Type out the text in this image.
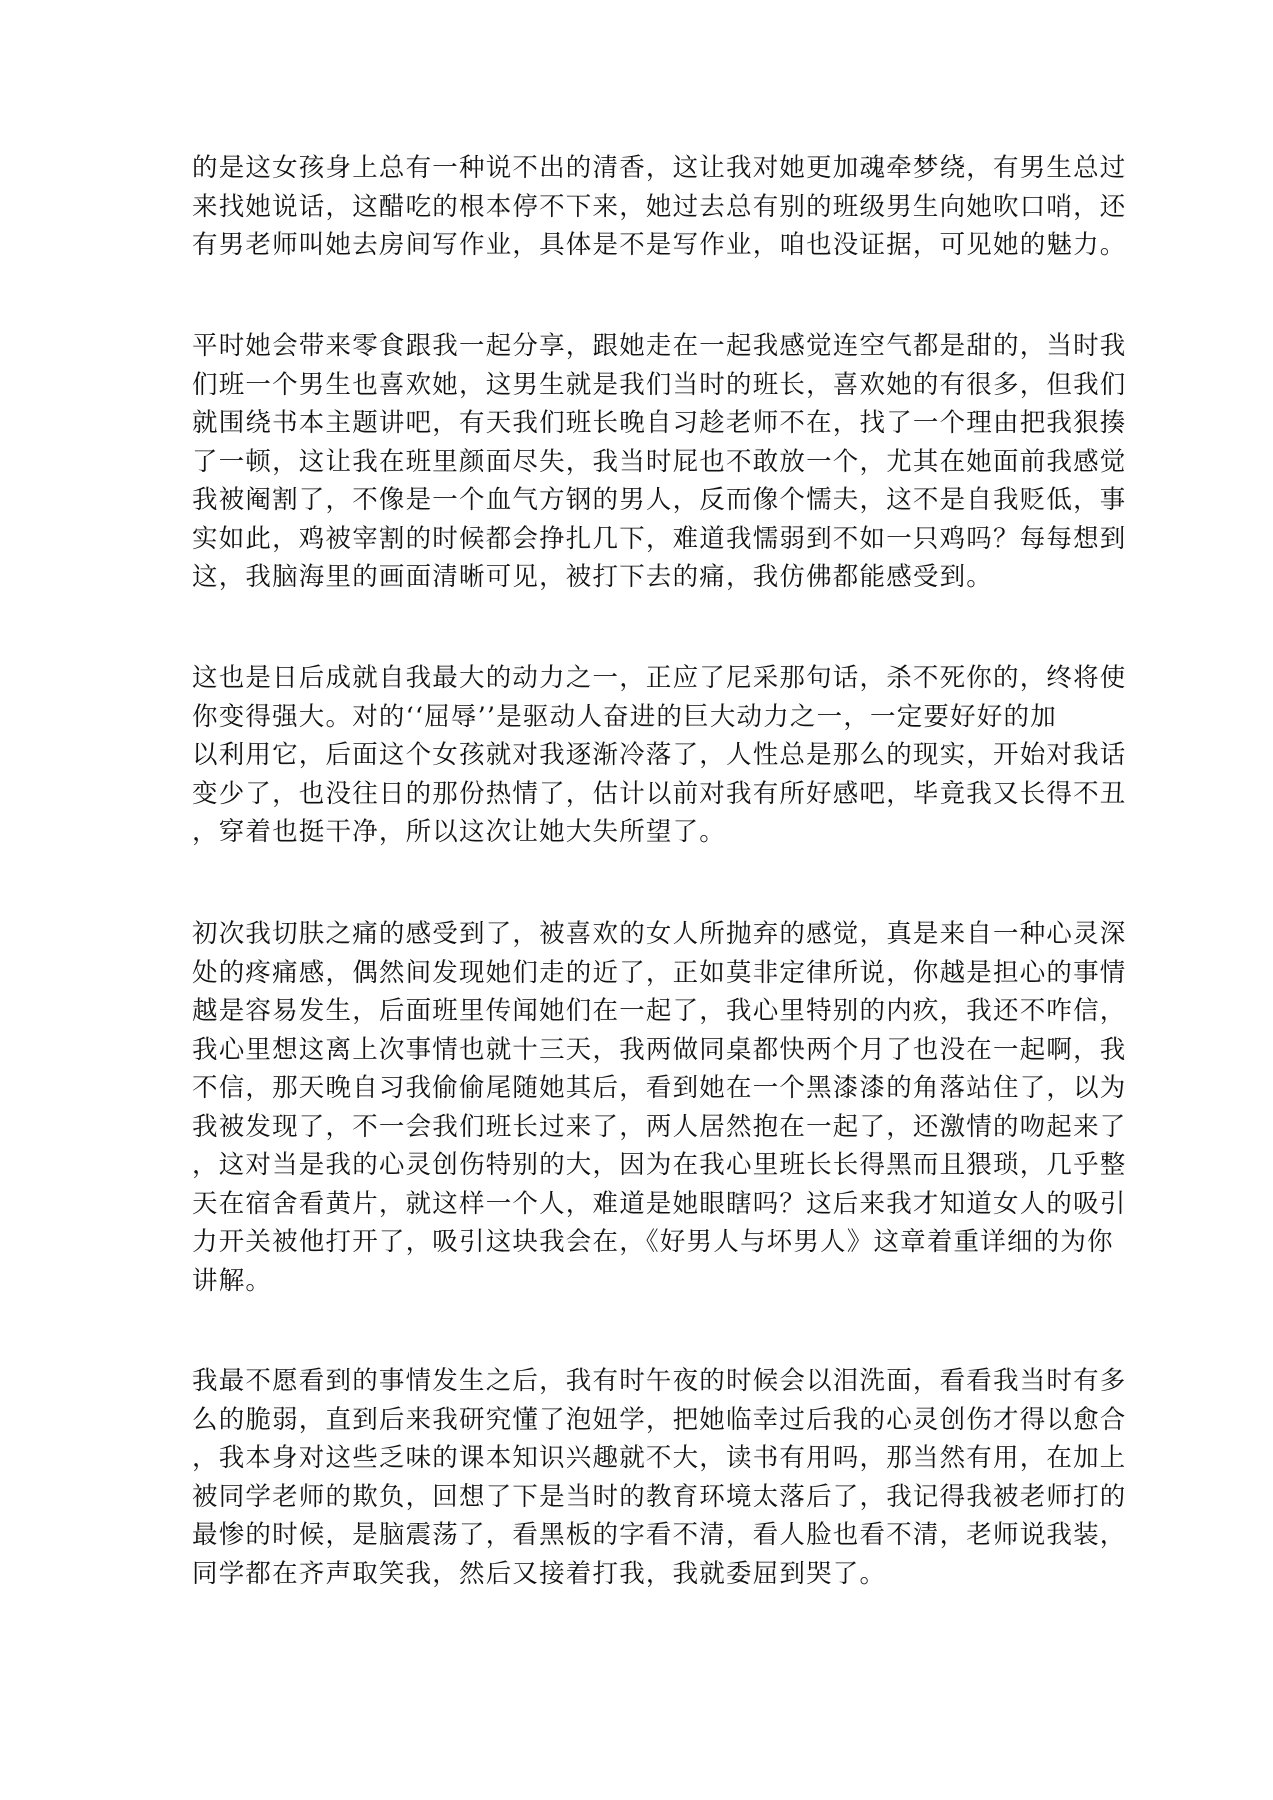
的是这女孩身上总有一种说不出的清香，这让我对她更加魂牵梦绕，有男生总过
来找她说话，这醋吃的根本停不下来，她过去总有别的班级男生向她吹口哨，还
有男老师叫她去房间写作业，具体是不是写作业，咱也没证据，可见她的魅力。

平时她会带来零食跟我一起分享，跟她走在一起我感觉连空气都是甜的，当时我
们班一个男生也喜欢她，这男生就是我们当时的班长，喜欢她的有很多，但我们
就围绕书本主题讲吧，有天我们班长晚自习趁老师不在，找了一个理由把我狠揍
了一顿，这让我在班里颜面尽失，我当时屁也不敢放一个，尤其在她面前我感觉
我被阉割了，不像是一个血气方钢的男人，反而像个懦夫，这不是自我贬低，事
实如此，鸡被宰割的时候都会挣扎几下，难道我懦弱到不如一只鸡吗？每每想到
这，我脑海里的画面清晰可见，被打下去的痛，我仿佛都能感受到。

这也是日后成就自我最大的动力之一，正应了尼采那句话，杀不死你的，终将使
你变得强大。对的‘‘屈辱’’是驱动人奋进的巨大动力之一，一定要好好的加
以利用它，后面这个女孩就对我逐渐冷落了，人性总是那么的现实，开始对我话
变少了，也没往日的那份热情了，估计以前对我有所好感吧，毕竟我又长得不丑
，穿着也挺干净，所以这次让她大失所望了。

初次我切肤之痛的感受到了，被喜欢的女人所抛弃的感觉，真是来自一种心灵深
处的疼痛感，偶然间发现她们走的近了，正如莫非定律所说，你越是担心的事情
越是容易发生，后面班里传闻她们在一起了，我心里特别的内疚，我还不咋信，
我心里想这离上次事情也就十三天，我两做同桌都快两个月了也没在一起啊，我
不信，那天晚自习我偷偷尾随她其后，看到她在一个黑漆漆的角落站住了，以为
我被发现了，不一会我们班长过来了，两人居然抱在一起了，还激情的吻起来了
，这对当是我的心灵创伤特别的大，因为在我心里班长长得黑而且猥琐，几乎整
天在宿舍看黄片，就这样一个人，难道是她眼瞎吗？这后来我才知道女人的吸引
力开关被他打开了，吸引这块我会在，《好男人与坏男人》这章着重详细的为你
讲解。

我最不愿看到的事情发生之后，我有时午夜的时候会以泪洗面，看看我当时有多
么的脆弱，直到后来我研究懂了泡妞学，把她临幸过后我的心灵创伤才得以愈合
，我本身对这些乏味的课本知识兴趣就不大，读书有用吗，那当然有用，在加上
被同学老师的欺负，回想了下是当时的教育环境太落后了，我记得我被老师打的
最惨的时候，是脑震荡了，看黑板的字看不清，看人脸也看不清，老师说我装，
同学都在齐声取笑我，然后又接着打我，我就委屈到哭了。
